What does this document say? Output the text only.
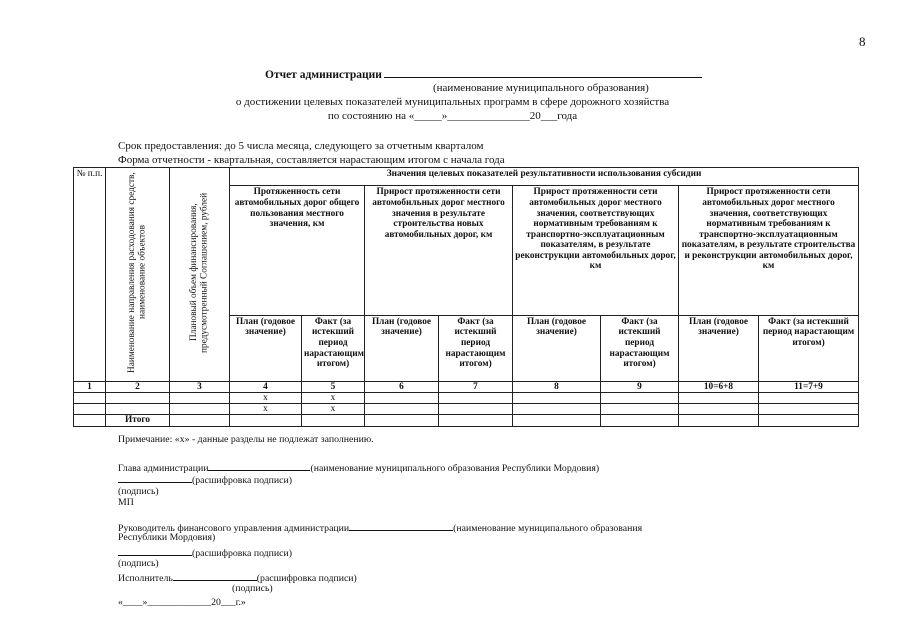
8
Отчет администрации
(наименование муниципального образования)
о достижении целевых показателей муниципальных программ в сфере дорожного хозяйства
по состоянию на «_____»_______________20___года
Срок предоставления: до 5 числа месяца, следующего за отчетным кварталом
Форма отчетности - квартальная, составляется нарастающим итогом с начала года
№ п.п.	Наименование направления расходования средств, наименование объектов	Плановый объем финансирования, предусмотренный Соглашением, рублей	Значения целевых показателей результативности использования субсидии							
			Протяженность сети автомобильных дорог общего пользования местного значения, км		Прирост протяженности сети автомобильных дорог местного значения в результате строительства новых автомобильных дорог, км		Прирост протяженности сети автомобильных дорог местного значения, соответствующих нормативным требованиям к транспортно-эксплуатационным показателям, в результате реконструкции автомобильных дорог, км		Прирост протяженности сети автомобильных дорог местного значения, соответствующих нормативным требованиям к транспортно-эксплуатационным показателям, в результате строительства и реконструкции автомобильных дорог, км	
			План (годовое значение)	Факт (за истекший период нарастающим итогом)	План (годовое значение)	Факт (за истекший период нарастающим итогом)	План (годовое значение)	Факт (за истекший период нарастающим итогом)	План (годовое значение)	Факт (за истекший период нарастающим итогом)
1	2	3	4	5	6	7	8	9	10=6+8	11=7+9
			х	х						
			х	х						
	Итого									
Примечание: «х» - данные разделы не подлежат заполнению.
Глава администрации	(наименование муниципального образования Республики Мордовия)
(расшифровка подписи)
(подпись)
МП
Руководитель финансового управления администрации	(наименование муниципального образования
Республики Мордовия)
(расшифровка подписи)
(подпись)
Исполнитель	(расшифровка подписи)
(подпись)
«____»_____________20___г.»
